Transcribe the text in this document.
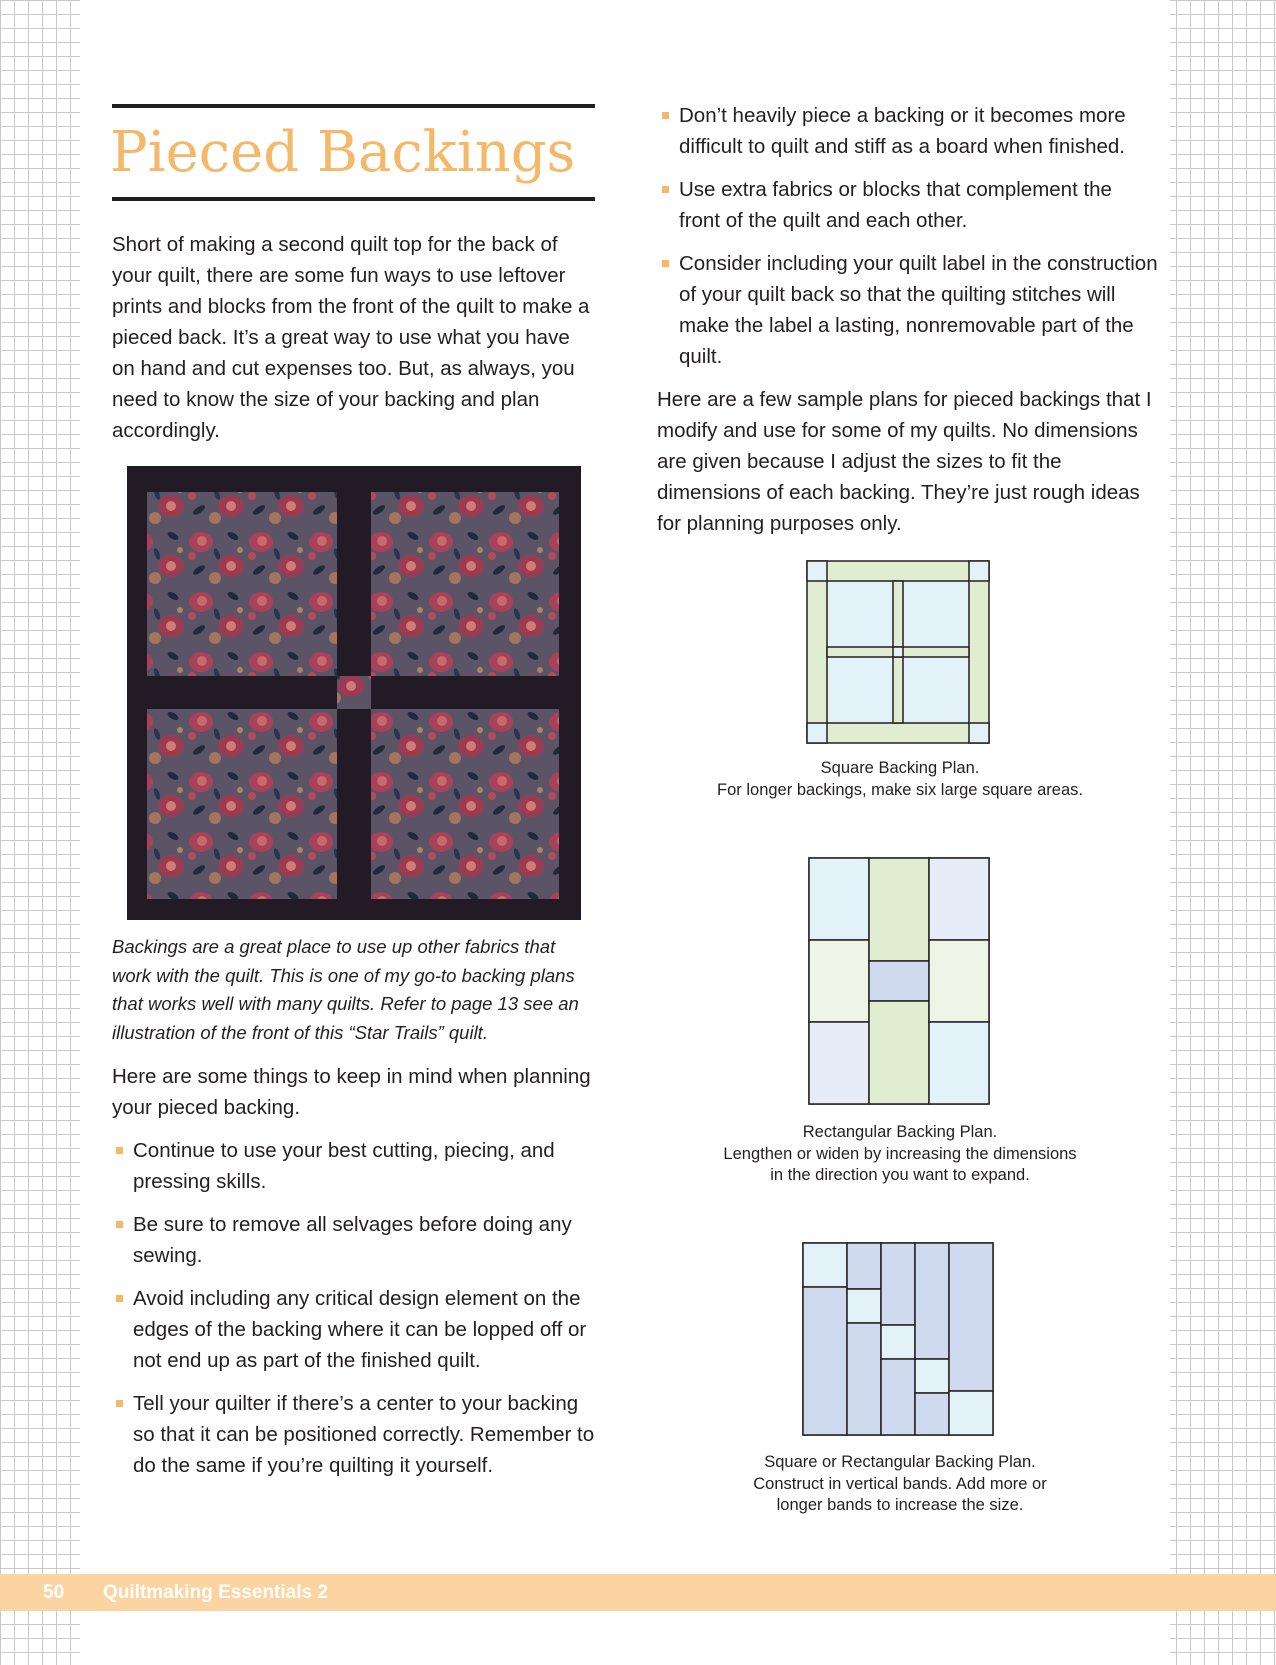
Pieced Backings

Short of making a second quilt top for the back of your quilt, there are some fun ways to use leftover prints and blocks from the front of the quilt to make a pieced back. It’s a great way to use what you have on hand and cut expenses too. But, as always, you need to know the size of your backing and plan accordingly.

Backings are a great place to use up other fabrics that work with the quilt. This is one of my go-to backing plans that works well with many quilts. Refer to page 13 see an illustration of the front of this “Star Trails” quilt.

Here are some things to keep in mind when planning your pieced backing.

Continue to use your best cutting, piecing, and pressing skills.
Be sure to remove all selvages before doing any sewing.
Avoid including any critical design element on the edges of the backing where it can be lopped off or not end up as part of the finished quilt.
Tell your quilter if there’s a center to your backing so that it can be positioned correctly. Remember to do the same if you’re quilting it yourself.
Don’t heavily piece a backing or it becomes more difficult to quilt and stiff as a board when finished.
Use extra fabrics or blocks that complement the front of the quilt and each other.
Consider including your quilt label in the construction of your quilt back so that the quilting stitches will make the label a lasting, nonremovable part of the quilt.

Here are a few sample plans for pieced backings that I modify and use for some of my quilts. No dimensions are given because I adjust the sizes to fit the dimensions of each backing. They’re just rough ideas for planning purposes only.

Square Backing Plan.
For longer backings, make six large square areas.

Rectangular Backing Plan.
Lengthen or widen by increasing the dimensions
in the direction you want to expand.

Square or Rectangular Backing Plan.
Construct in vertical bands. Add more or
longer bands to increase the size.

50 Quiltmaking Essentials 2
